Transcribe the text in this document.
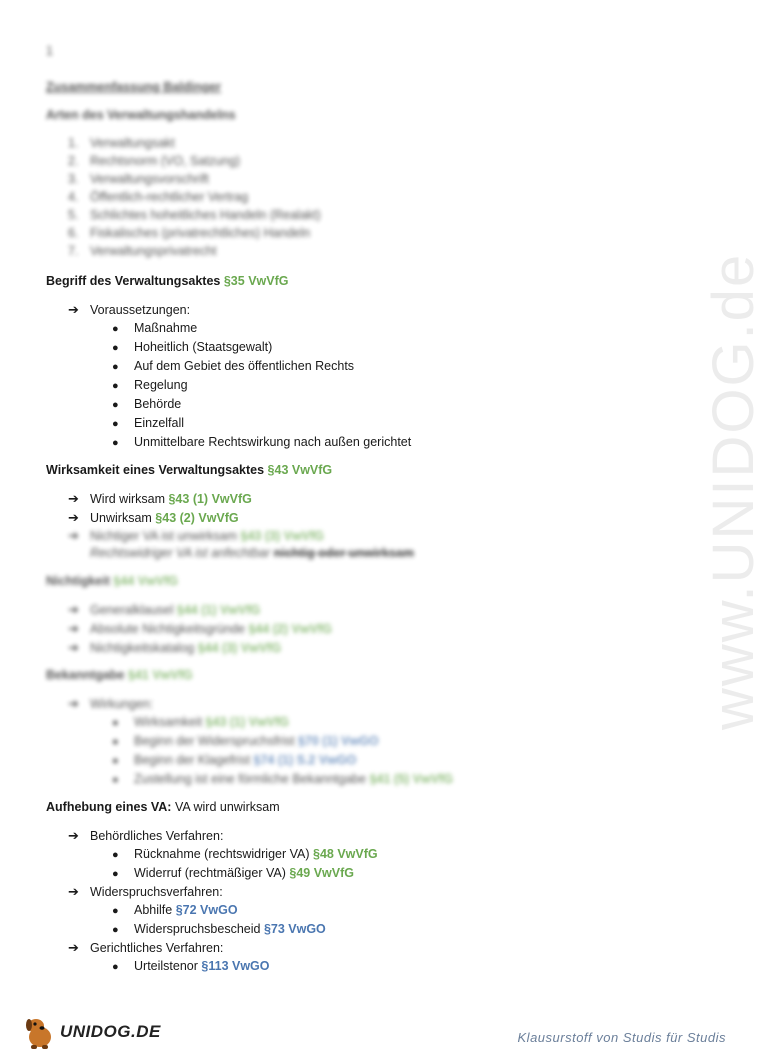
www.UNIDOG.de
1
Zusammenfassung Baldinger
Arten des Verwaltungshandelns
1. Verwaltungsakt
2. Rechtsnorm (VO, Satzung)
3. Verwaltungsvorschrift
4. Öffentlich-rechtlicher Vertrag
5. Schlichtes hoheitliches Handeln (Realakt)
6. Fiskalisches (privatrechtliches) Handeln
7. Verwaltungsprivatrecht
Begriff des Verwaltungsaktes §35 VwVfG
➔ Voraussetzungen:
● Maßnahme
● Hoheitlich (Staatsgewalt)
● Auf dem Gebiet des öffentlichen Rechts
● Regelung
● Behörde
● Einzelfall
● Unmittelbare Rechtswirkung nach außen gerichtet
Wirksamkeit eines Verwaltungsaktes §43 VwVfG
➔ Wird wirksam §43 (1) VwVfG
➔ Unwirksam §43 (2) VwVfG
➔ Nichtiger VA ist unwirksam §43 (3) VwVfG
Rechtswidriger VA ist anfechtbar nichtig oder unwirksam
Nichtigkeit §44 VwVfG
➔ Generalklausel §44 (1) VwVfG
➔ Absolute Nichtigkeitsgründe §44 (2) VwVfG
➔ Nichtigkeitskatalog §44 (3) VwVfG
Bekanntgabe §41 VwVfG
➔ Wirkungen:
● Wirksamkeit §43 (1) VwVfG
● Beginn der Widerspruchsfrist §70 (1) VwGO
● Beginn der Klagefrist §74 (1) S.2 VwGO
● Zustellung ist eine förmliche Bekanntgabe §41 (5) VwVfG
Aufhebung eines VA: VA wird unwirksam
➔ Behördliches Verfahren:
● Rücknahme (rechtswidriger VA) §48 VwVfG
● Widerruf (rechtmäßiger VA) §49 VwVfG
➔ Widerspruchsverfahren:
● Abhilfe §72 VwGO
● Widerspruchsbescheid §73 VwGO
➔ Gerichtliches Verfahren:
● Urteilstenor §113 VwGO
UNIDOG.DE	Klausurstoff von Studis für Studis
